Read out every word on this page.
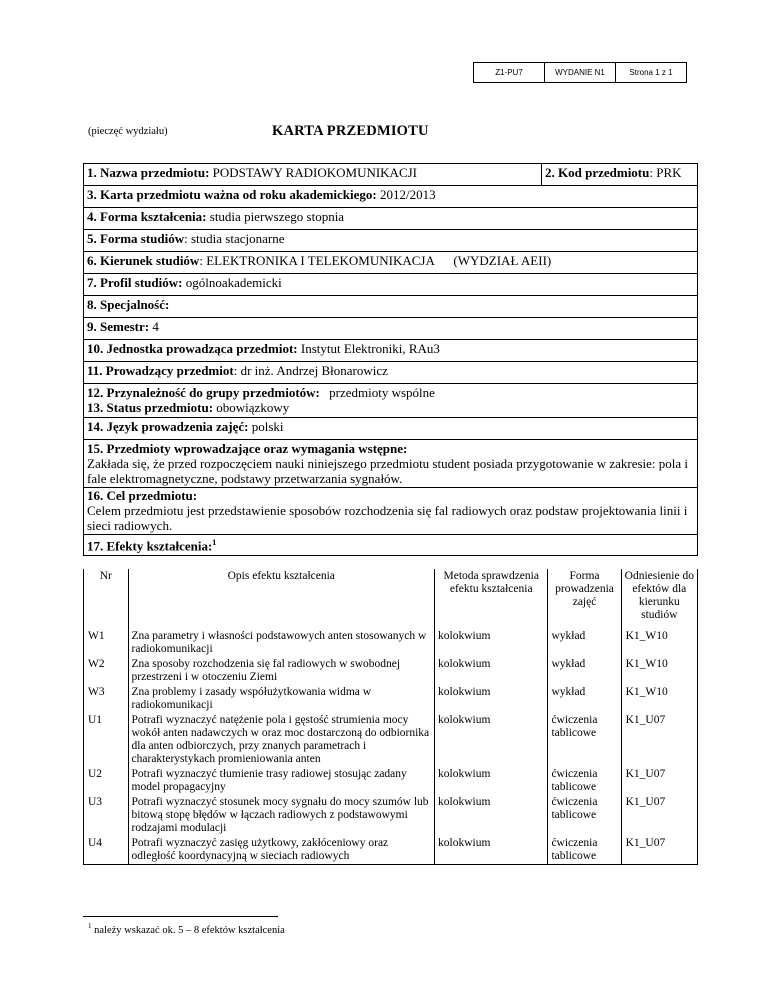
Z1-PU7	WYDANIE N1	Strona 1 z 1
(pieczęć wydziału)	KARTA PRZEDMIOTU
1. Nazwa przedmiotu: PODSTAWY RADIOKOMUNIKACJI	2. Kod przedmiotu: PRK
3. Karta przedmiotu ważna od roku akademickiego: 2012/2013
4. Forma kształcenia: studia pierwszego stopnia
5. Forma studiów: studia stacjonarne
6. Kierunek studiów: ELEKTRONIKA I TELEKOMUNIKACJA (WYDZIAŁ AEII)
7. Profil studiów: ogólnoakademicki
8. Specjalność:
9. Semestr: 4
10. Jednostka prowadząca przedmiot: Instytut Elektroniki, RAu3
11. Prowadzący przedmiot: dr inż. Andrzej Błonarowicz

12. Przynależność do grupy przedmiotów: przedmioty wspólne
13. Status przedmiotu: obowiązkowy

14. Język prowadzenia zajęć: polski

15. Przedmioty wprowadzające oraz wymagania wstępne:
Zakłada się, że przed rozpoczęciem nauki niniejszego przedmiotu student posiada przygotowanie w zakresie: pola i fale elektromagnetyczne, podstawy przetwarzania sygnałów.
16. Cel przedmiotu:
Celem przedmiotu jest przedstawienie sposobów rozchodzenia się fal radiowych oraz podstaw projektowania linii i sieci radiowych.
17. Efekty kształcenia:$^1$
Nr	Opis efektu kształcenia	Metoda sprawdzenia efektu kształcenia	Forma prowadzenia zajęć	Odniesienie do efektów dla kierunku studiów
W1	Zna parametry i własności podstawowych anten stosowanych w radiokomunikacji	kolokwium	wykład	K1_W10
W2	Zna sposoby rozchodzenia się fal radiowych w swobodnej przestrzeni i w otoczeniu Ziemi	kolokwium	wykład	K1_W10
W3	Zna problemy i zasady współużytkowania widma w radiokomunikacji	kolokwium	wykład	K1_W10
U1	Potrafi wyznaczyć natężenie pola i gęstość strumienia mocy wokół anten nadawczych w oraz moc dostarczoną do odbiornika dla anten odbiorczych, przy znanych parametrach i charakterystykach promieniowania anten	kolokwium	ćwiczenia tablicowe	K1_U07
U2	Potrafi wyznaczyć tłumienie trasy radiowej stosując zadany model propagacyjny	kolokwium	ćwiczenia tablicowe	K1_U07
U3	Potrafi wyznaczyć stosunek mocy sygnału do mocy szumów lub bitową stopę błędów w łączach radiowych z podstawowymi rodzajami modulacji	kolokwium	ćwiczenia tablicowe	K1_U07
U4	Potrafi wyznaczyć zasięg użytkowy, zakłóceniowy oraz odległość koordynacyjną w sieciach radiowych	kolokwium	ćwiczenia tablicowe	K1_U07
$^1$ należy wskazać ok. 5 – 8 efektów kształcenia
